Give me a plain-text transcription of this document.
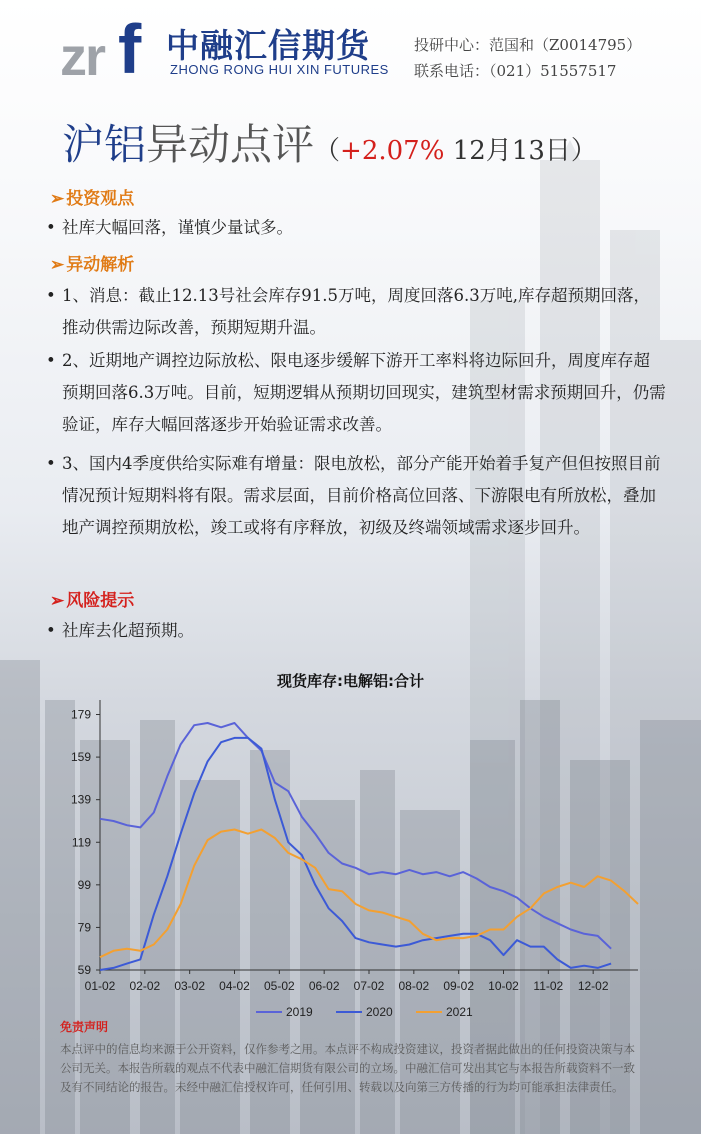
zr f 中融汇信期货
ZHONG RONG HUI XIN FUTURES
投研中心：范国和（Z0014795）
联系电话：（021）51557517
沪铝异动点评（+2.07% 12月13日）
➢ 投资观点
• 社库大幅回落，谨慎少量试多。
➢ 异动解析
• 1、消息：截止12.13号社会库存91.5万吨，周度回落6.3万吨,库存超预期回落，推动供需边际改善，预期短期升温。
• 2、近期地产调控边际放松、限电逐步缓解下游开工率料将边际回升，周度库存超预期回落6.3万吨。目前，短期逻辑从预期切回现实，建筑型材需求预期回升，仍需验证，库存大幅回落逐步开始验证需求改善。
• 3、国内4季度供给实际难有增量：限电放松，部分产能开始着手复产但但按照目前情况预计短期料将有限。需求层面，目前价格高位回落、下游限电有所放松，叠加地产调控预期放松，竣工或将有序释放，初级及终端领域需求逐步回升。
➢ 风险提示
• 社库去化超预期。
现货库存:电解铝:合计
59
79
99
119
139
159
179
01-02 02-02 03-02 04-02 05-02 06-02 07-02 08-02 09-02 10-02 11-02 12-02
2019	2020	2021
免责声明
本点评中的信息均来源于公开资料，仅作参考之用。本点评不构成投资建议，投资者据此做出的任何投资决策与本公司无关。本报告所载的观点不代表中融汇信期货有限公司的立场。中融汇信可发出其它与本报告所载资料不一致及有不同结论的报告。未经中融汇信授权许可，任何引用、转载以及向第三方传播的行为均可能承担法律责任。
